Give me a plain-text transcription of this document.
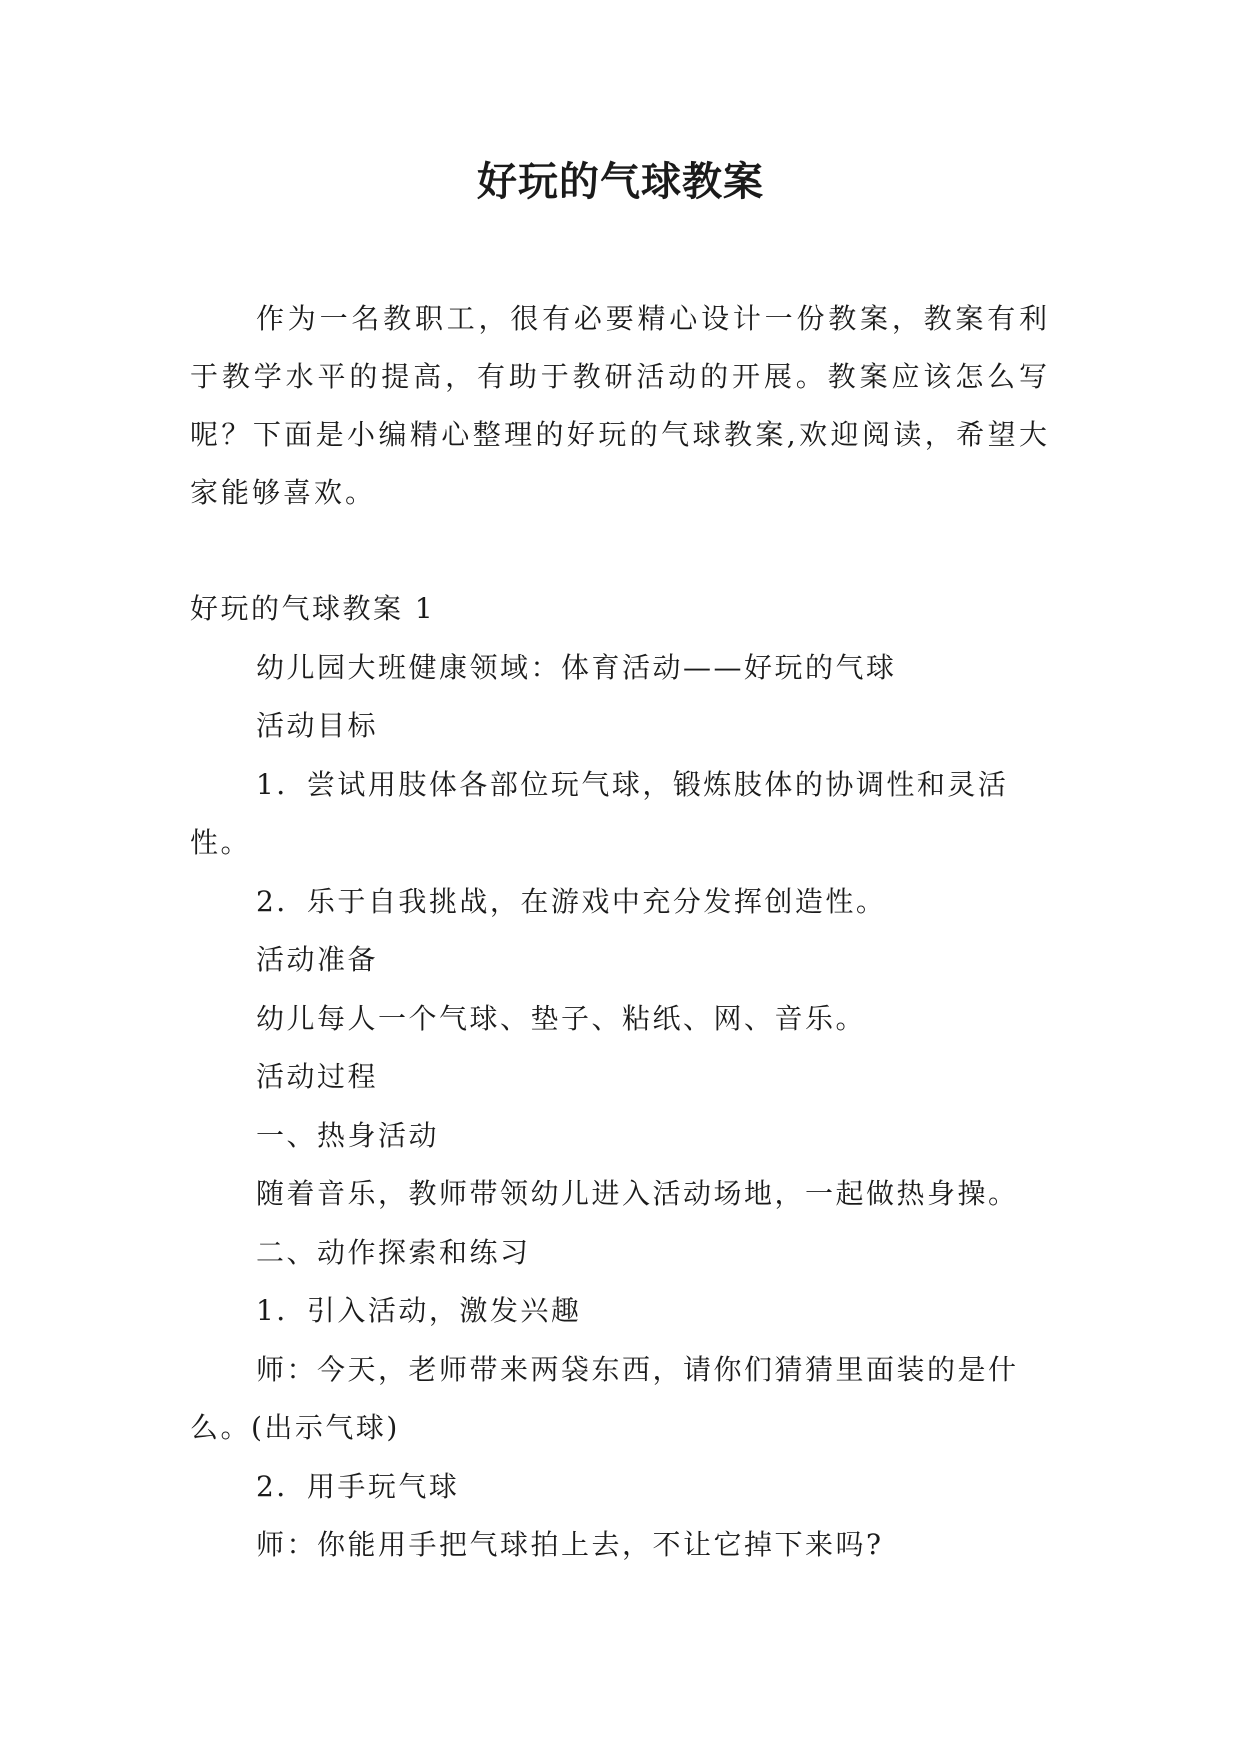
好玩的气球教案

作为一名教职工，很有必要精心设计一份教案，教案有利于教学水平的提高，有助于教研活动的开展。教案应该怎么写呢？下面是小编精心整理的好玩的气球教案,欢迎阅读，希望大家能够喜欢。

好玩的气球教案 1

幼儿园大班健康领域：体育活动——好玩的气球

活动目标

1．尝试用肢体各部位玩气球，锻炼肢体的协调性和灵活性。

2．乐于自我挑战，在游戏中充分发挥创造性。

活动准备

幼儿每人一个气球、垫子、粘纸、网、音乐。

活动过程

一、热身活动

随着音乐，教师带领幼儿进入活动场地，一起做热身操。

二、动作探索和练习

1．引入活动，激发兴趣

师：今天，老师带来两袋东西，请你们猜猜里面装的是什么。(出示气球)

2．用手玩气球

师：你能用手把气球拍上去，不让它掉下来吗?
